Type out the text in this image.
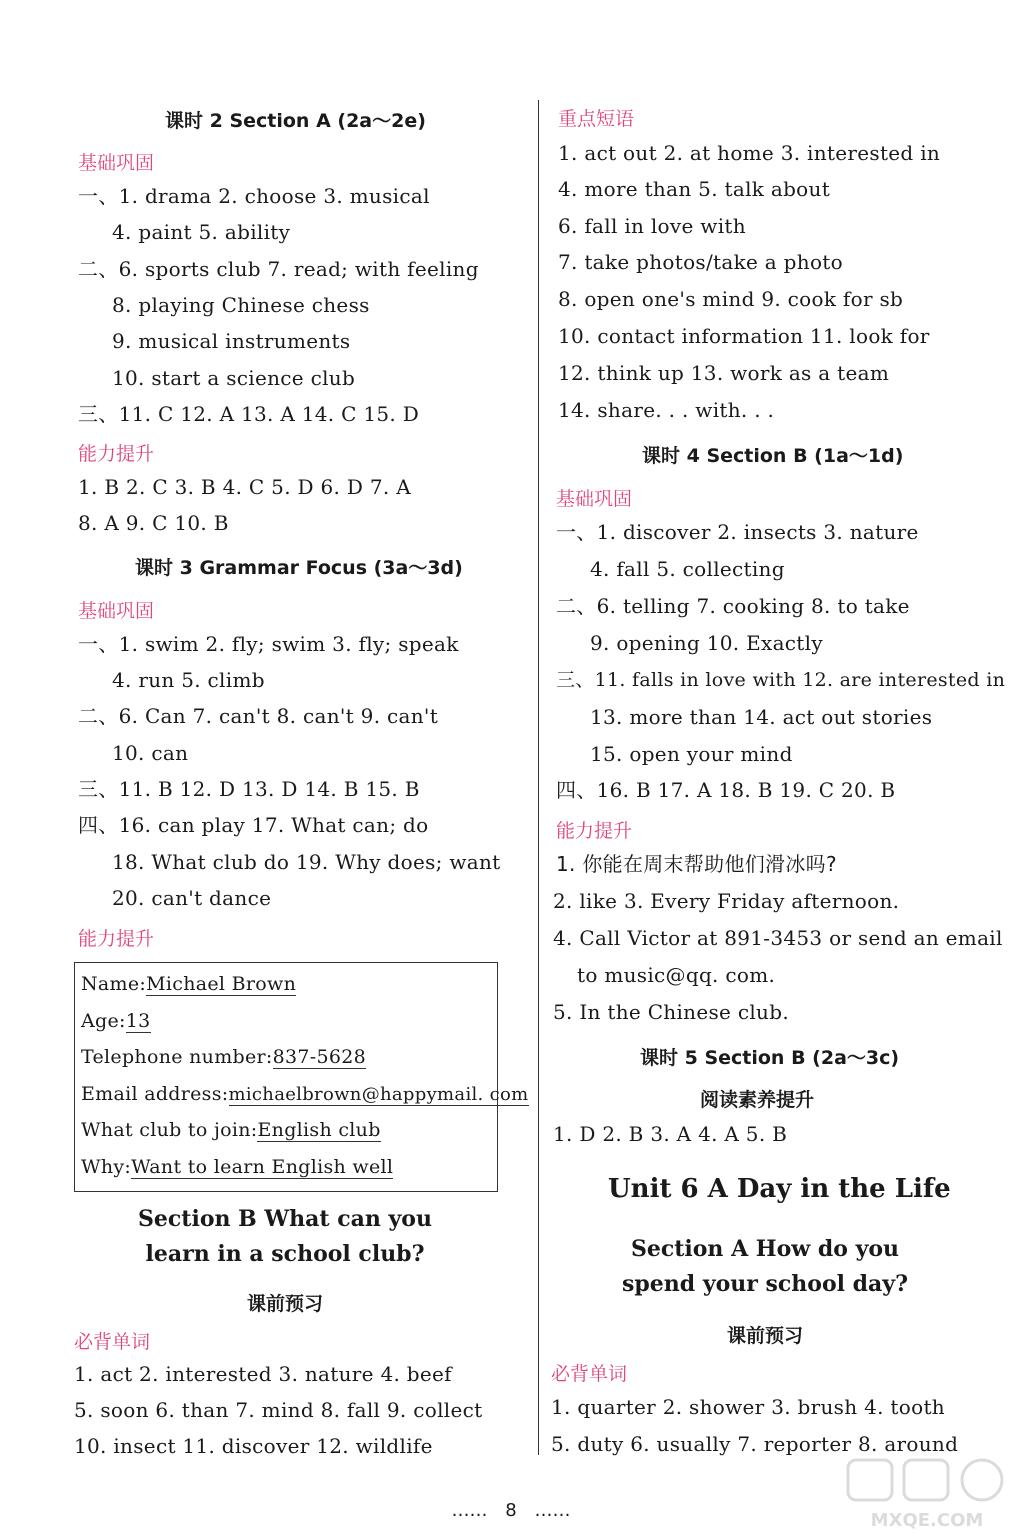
课时 2 Section A (2a～2e)
基础巩固
一、1. drama 2. choose 3. musical
4. paint 5. ability
二、6. sports club 7. read; with feeling
8. playing Chinese chess
9. musical instruments
10. start a science club
三、11. C 12. A 13. A 14. C 15. D
能力提升
1. B 2. C 3. B 4. C 5. D 6. D 7. A
8. A 9. C 10. B
课时 3 Grammar Focus (3a～3d)
基础巩固
一、1. swim 2. fly; swim 3. fly; speak
4. run 5. climb
二、6. Can 7. can't 8. can't 9. can't
10. can
三、11. B 12. D 13. D 14. B 15. B
四、16. can play 17. What can; do
18. What club do 19. Why does; want
20. can't dance
能力提升
Name:Michael Brown
Age:13
Telephone number:837-5628
Email address:michaelbrown@happymail. com
What club to join:English club
Why:Want to learn English well
Section B What can you
learn in a school club?
课前预习
必背单词
1. act 2. interested 3. nature 4. beef
5. soon 6. than 7. mind 8. fall 9. collect
10. insect 11. discover 12. wildlife
重点短语
1. act out 2. at home 3. interested in
4. more than 5. talk about
6. fall in love with
7. take photos/take a photo
8. open one's mind 9. cook for sb
10. contact information 11. look for
12. think up 13. work as a team
14. share. . . with. . .
课时 4 Section B (1a～1d)
基础巩固
一、1. discover 2. insects 3. nature
4. fall 5. collecting
二、6. telling 7. cooking 8. to take
9. opening 10. Exactly
三、11. falls in love with 12. are interested in
13. more than 14. act out stories
15. open your mind
四、16. B 17. A 18. B 19. C 20. B
能力提升
1. 你能在周末帮助他们滑冰吗?
2. like 3. Every Friday afternoon.
4. Call Victor at 891-3453 or send an email
to music@qq. com.
5. In the Chinese club.
课时 5 Section B (2a～3c)
阅读素养提升
1. D 2. B 3. A 4. A 5. B
Unit 6 A Day in the Life
Section A How do you
spend your school day?
课前预习
必背单词
1. quarter 2. shower 3. brush 4. tooth
5. duty 6. usually 7. reporter 8. around
…… 8 ……	MXQE.COM
